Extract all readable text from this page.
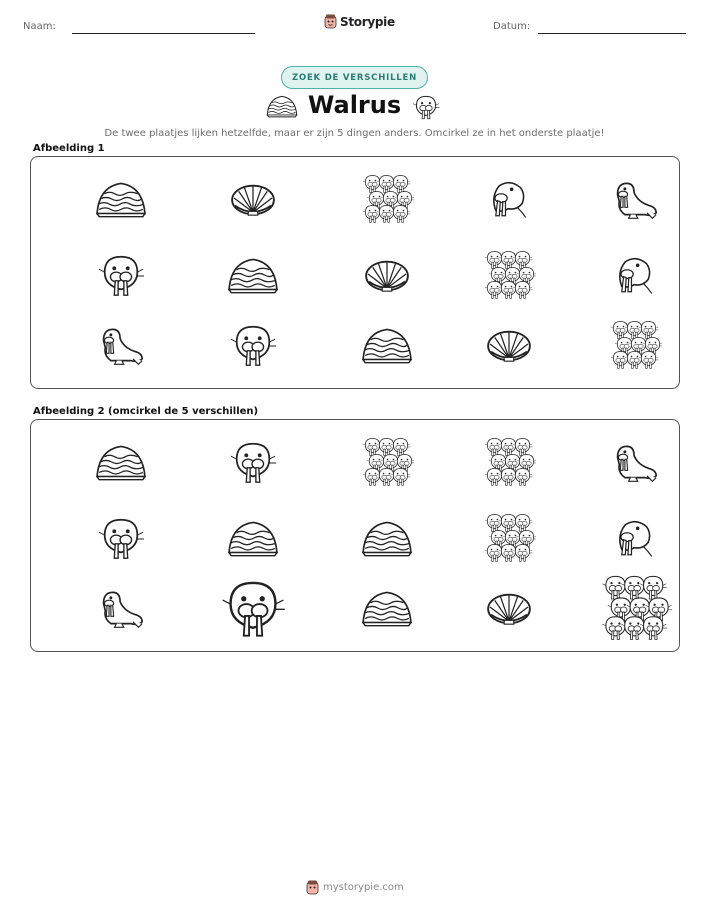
Naam:	Storypie	Datum:
ZOEK DE VERSCHILLEN
Walrus
De twee plaatjes lijken hetzelfde, maar er zijn 5 dingen anders. Omcirkel ze in het onderste plaatje!
Afbeelding 1
Afbeelding 2 (omcirkel de 5 verschillen)
mystorypie.com
